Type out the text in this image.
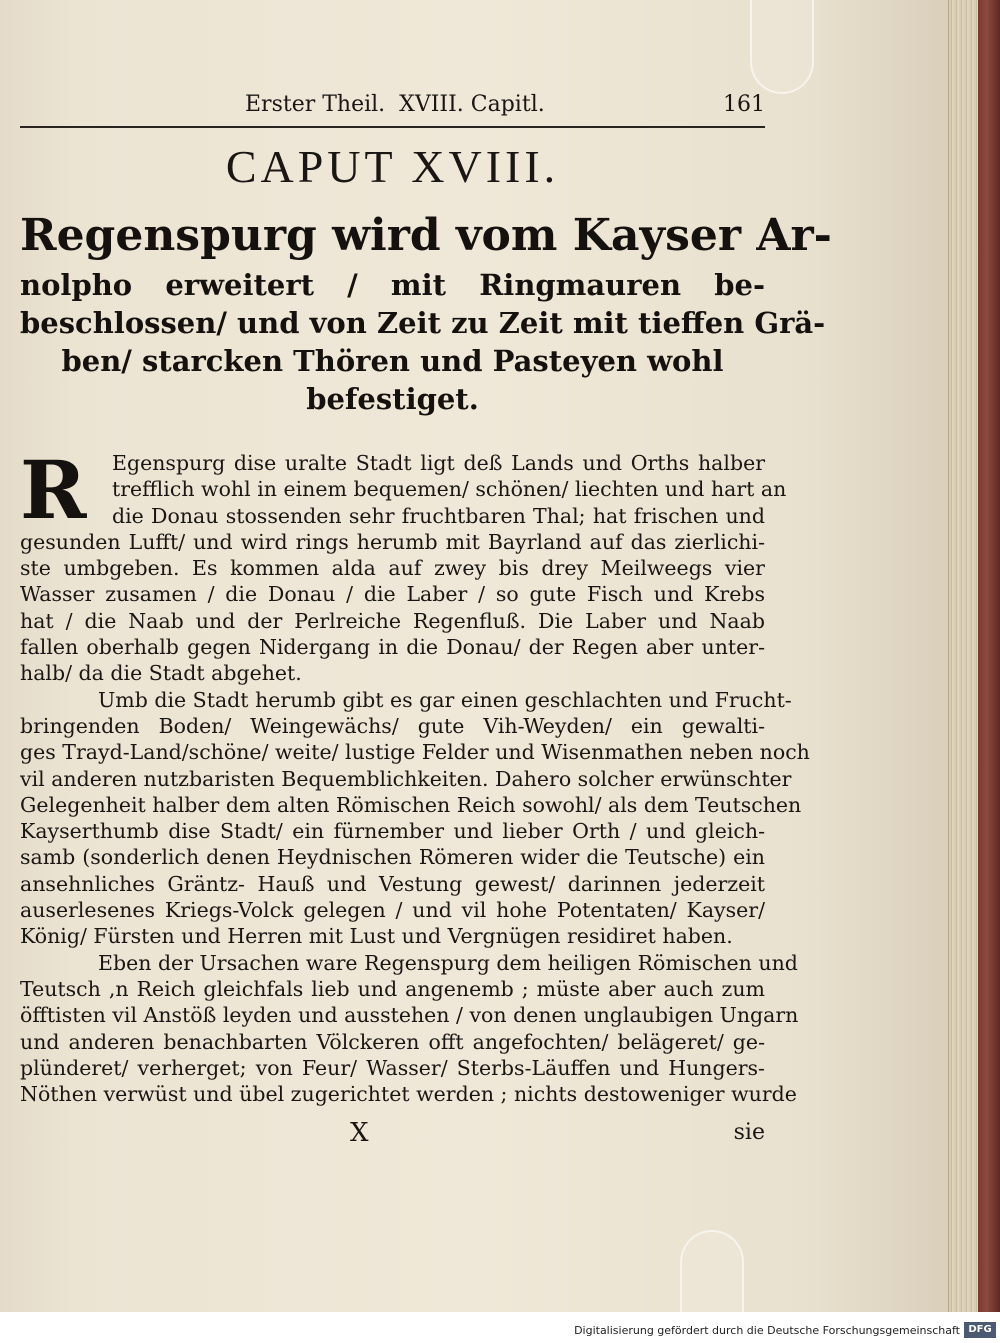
Erster Theil. XVIII. Capitl.	161
CAPUT XVIII.
Regenspurg wird vom Kayser Ar-
nolpho erweitert / mit Ringmauren be-
beschlossen/ und von Zeit zu Zeit mit tieffen Grä-
ben/ starcken Thören und Pasteyen wohl
befestiget.
R	Egenspurg dise uralte Stadt ligt deß Lands und Orths halber
trefflich wohl in einem bequemen/ schönen/ liechten und hart an
die Donau stossenden sehr fruchtbaren Thal; hat frischen und
gesunden Lufft/ und wird rings herumb mit Bayrland auf das zierlichi-
ste umbgeben. Es kommen alda auf zwey bis drey Meilweegs vier
Wasser zusamen / die Donau / die Laber / so gute Fisch und Krebs
hat / die Naab und der Perlreiche Regenfluß. Die Laber und Naab
fallen oberhalb gegen Nidergang in die Donau/ der Regen aber unter-
halb/ da die Stadt abgehet.
Umb die Stadt herumb gibt es gar einen geschlachten und Frucht-
bringenden Boden/ Weingewächs/ gute Vih-Weyden/ ein gewalti-
ges Trayd-Land/schöne/ weite/ lustige Felder und Wisenmathen neben noch
vil anderen nutzbaristen Bequemblichkeiten. Dahero solcher erwünschter
Gelegenheit halber dem alten Römischen Reich sowohl/ als dem Teutschen
Kayserthumb dise Stadt/ ein fürnember und lieber Orth / und gleich-
samb (sonderlich denen Heydnischen Römeren wider die Teutsche) ein
ansehnliches Gräntz- Hauß und Vestung gewest/ darinnen jederzeit
auserlesenes Kriegs-Volck gelegen / und vil hohe Potentaten/ Kayser/
König/ Fürsten und Herren mit Lust und Vergnügen residiret haben.
Eben der Ursachen ware Regenspurg dem heiligen Römischen und
Teutsch ,n Reich gleichfals lieb und angenemb ; müste aber auch zum
öfftisten vil Anstöß leyden und ausstehen / von denen unglaubigen Ungarn
und anderen benachbarten Völckeren offt angefochten/ belägeret/ ge-
plünderet/ verherget; von Feur/ Wasser/ Sterbs-Läuffen und Hungers-
Nöthen verwüst und übel zugerichtet werden ; nichts destoweniger wurde
X	sie
Digitalisierung gefördert durch die Deutsche Forschungsgemeinschaft DFG
